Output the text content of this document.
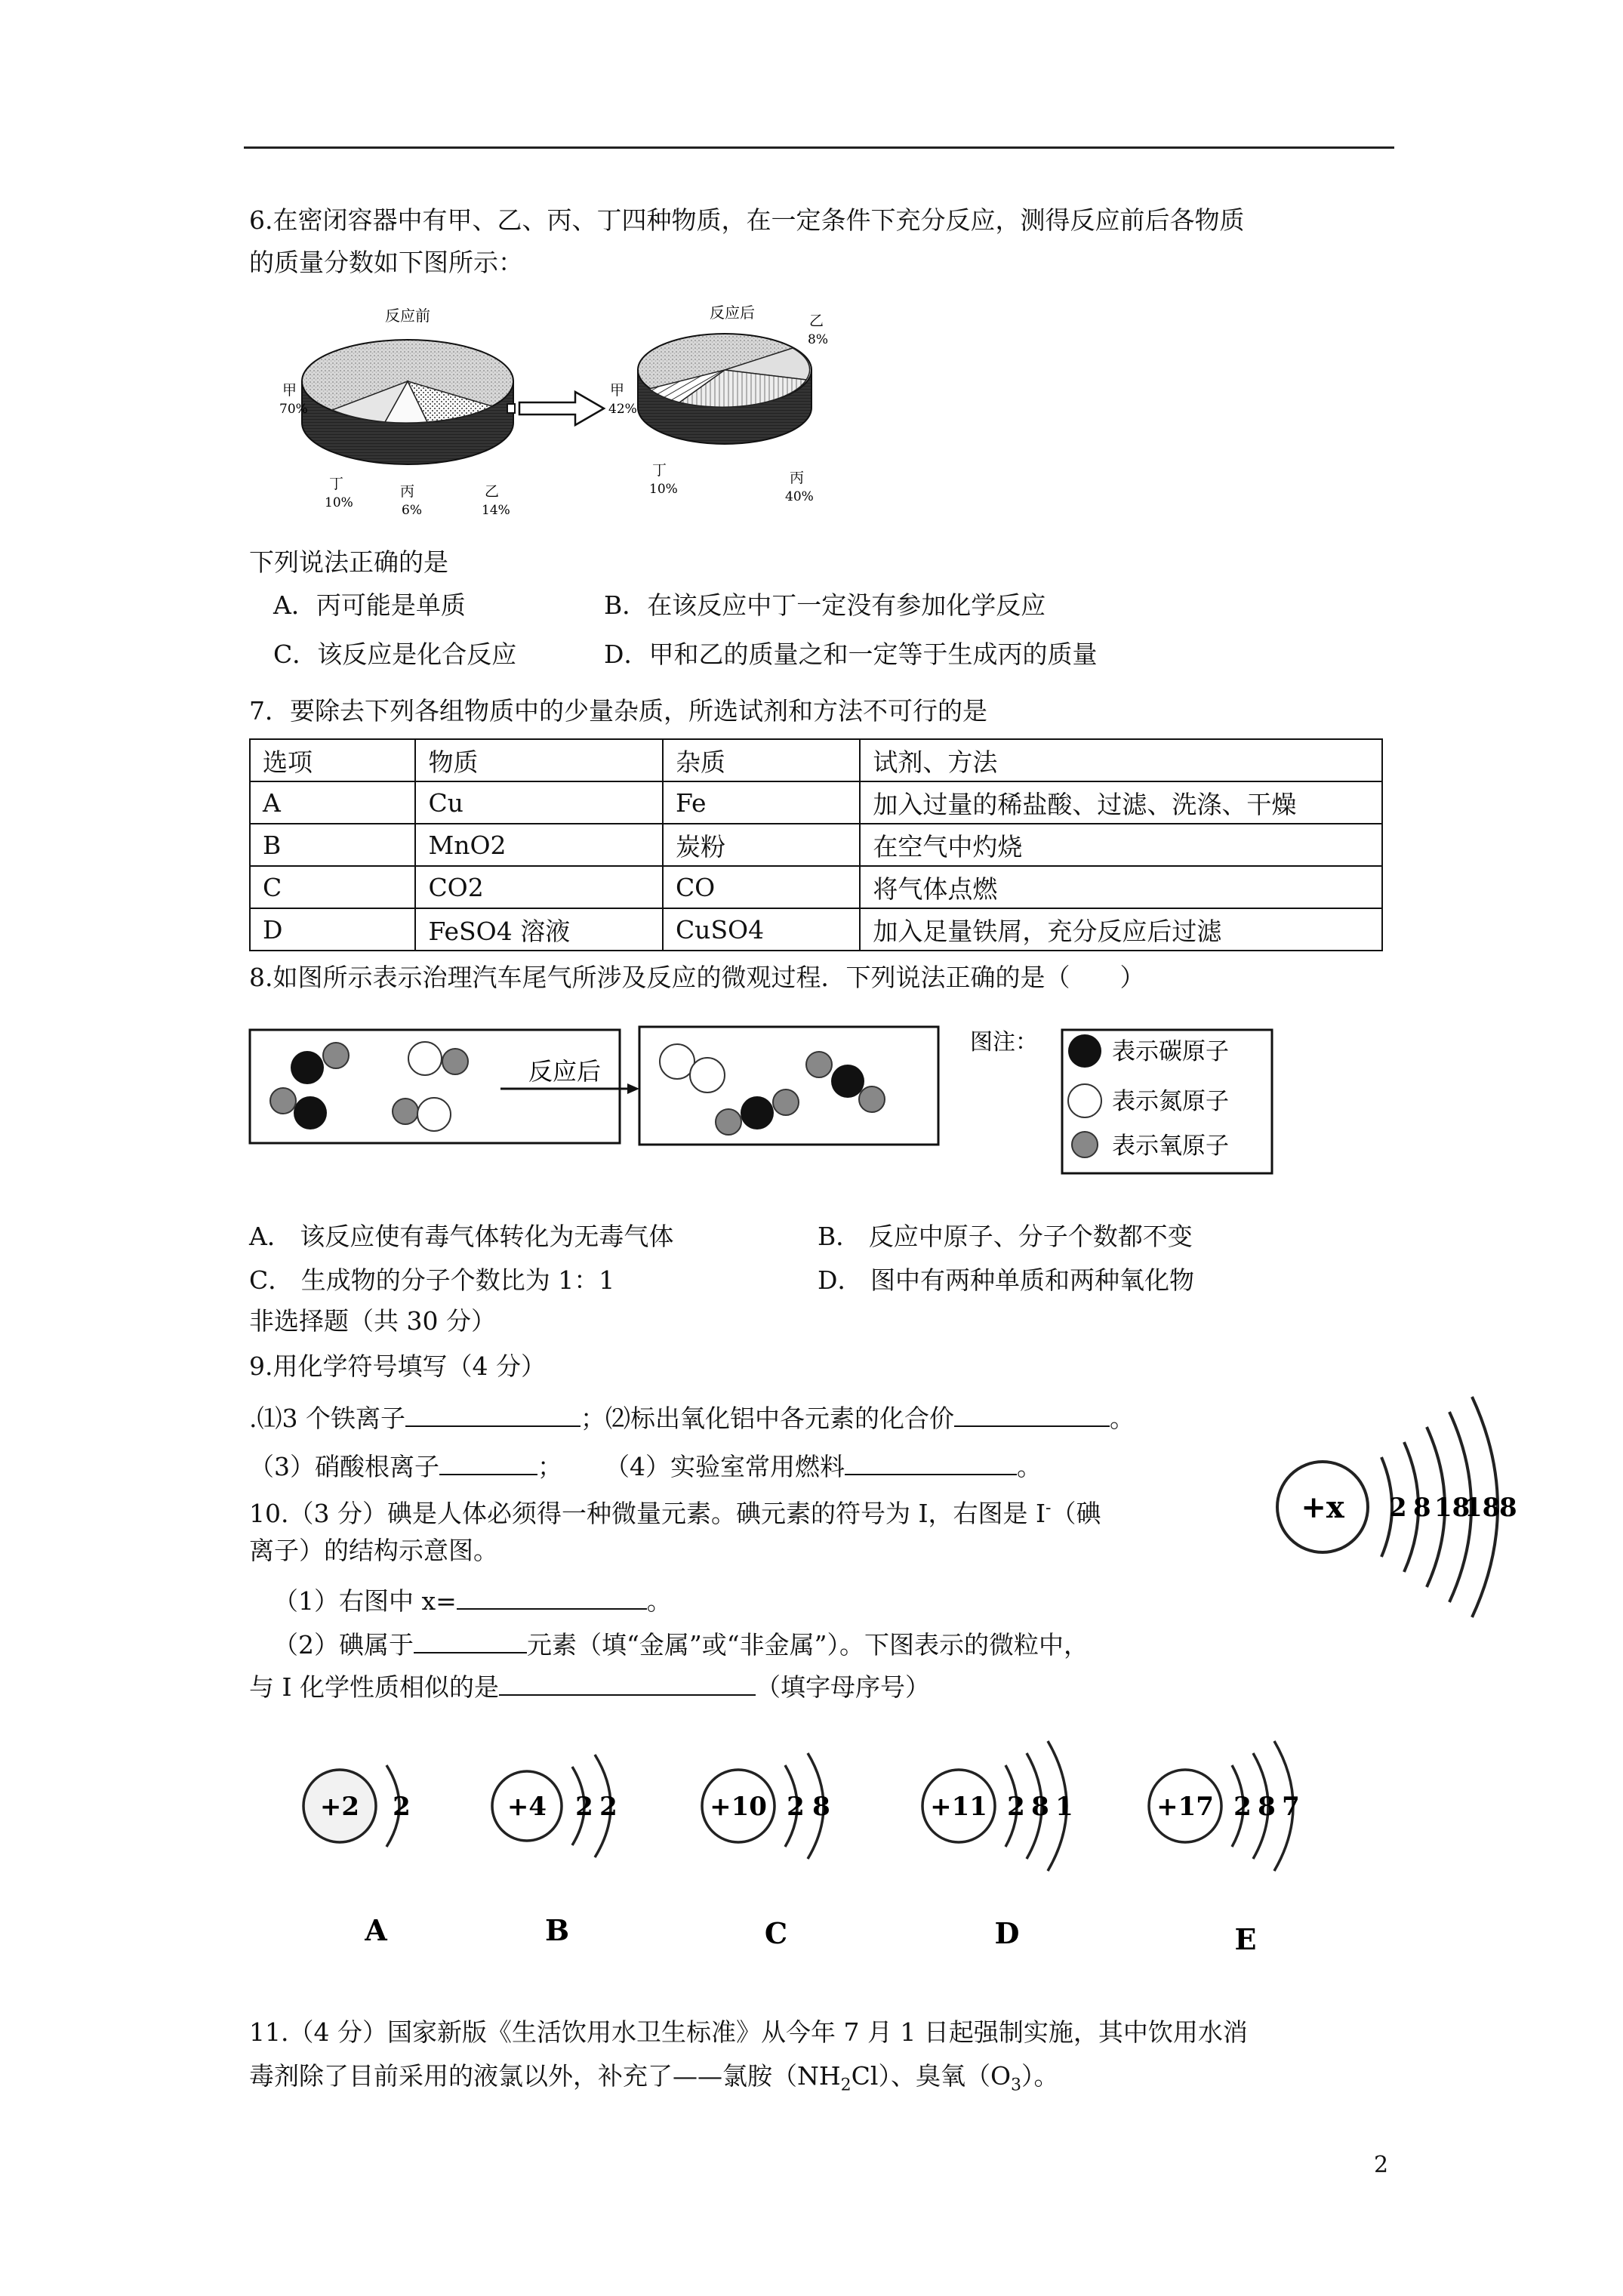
6.在密闭容器中有甲、乙、丙、丁四种物质，在一定条件下充分反应，测得反应前后各物质
的质量分数如下图所示：
反应前
甲
70%
乙
14%
丙
6%
丁
10%
反应后
甲
42%
乙
8%
丙
40%
丁
10%
下列说法正确的是
A．丙可能是单质	B．在该反应中丁一定没有参加化学反应
C．该反应是化合反应	D．甲和乙的质量之和一定等于生成丙的质量
7．要除去下列各组物质中的少量杂质，所选试剂和方法不可行的是
选项	物质	杂质	试剂、方法
A	Cu	Fe	加入过量的稀盐酸、过滤、洗涤、干燥
B	MnO2	炭粉	在空气中灼烧
C	CO2	CO	将气体点燃
D	FeSO4 溶液	CuSO4	加入足量铁屑，充分反应后过滤
8.如图所示表示治理汽车尾气所涉及反应的微观过程．下列说法正确的是（　　）
反应后
图注：	表示碳原子
表示氮原子
表示氧原子
A． 该反应使有毒气体转化为无毒气体	B． 反应中原子、分子个数都不变
C． 生成物的分子个数比为 1：1	D． 图中有两种单质和两种氧化物
非选择题（共 30 分）
9.用化学符号填写（4 分）
.⑴3 个铁离子	；⑵标出氧化铝中各元素的化合价	。
（3）硝酸根离子	； （4）实验室常用燃料	。
10.（3 分）碘是人体必须得一种微量元素。碘元素的符号为 I，右图是 I-（碘
离子）的结构示意图。
（1）右图中 x=	。
（2）碘属于	元素（填“金属”或“非金属”）。下图表示的微粒中，
与 I 化学性质相似的是	（填字母序号）
+x 2 8 18
18
8
+2 2
A
+4 2 2
B
+10 2 8
C
+11 2 8 1
D
+17 2 8 7
E
11.（4 分）国家新版《生活饮用水卫生标准》从今年 7 月 1 日起强制实施，其中饮用水消
毒剂除了目前采用的液氯以外，补充了——氯胺$(NH_2Cl)$、臭氧$(O_3)$。
2
